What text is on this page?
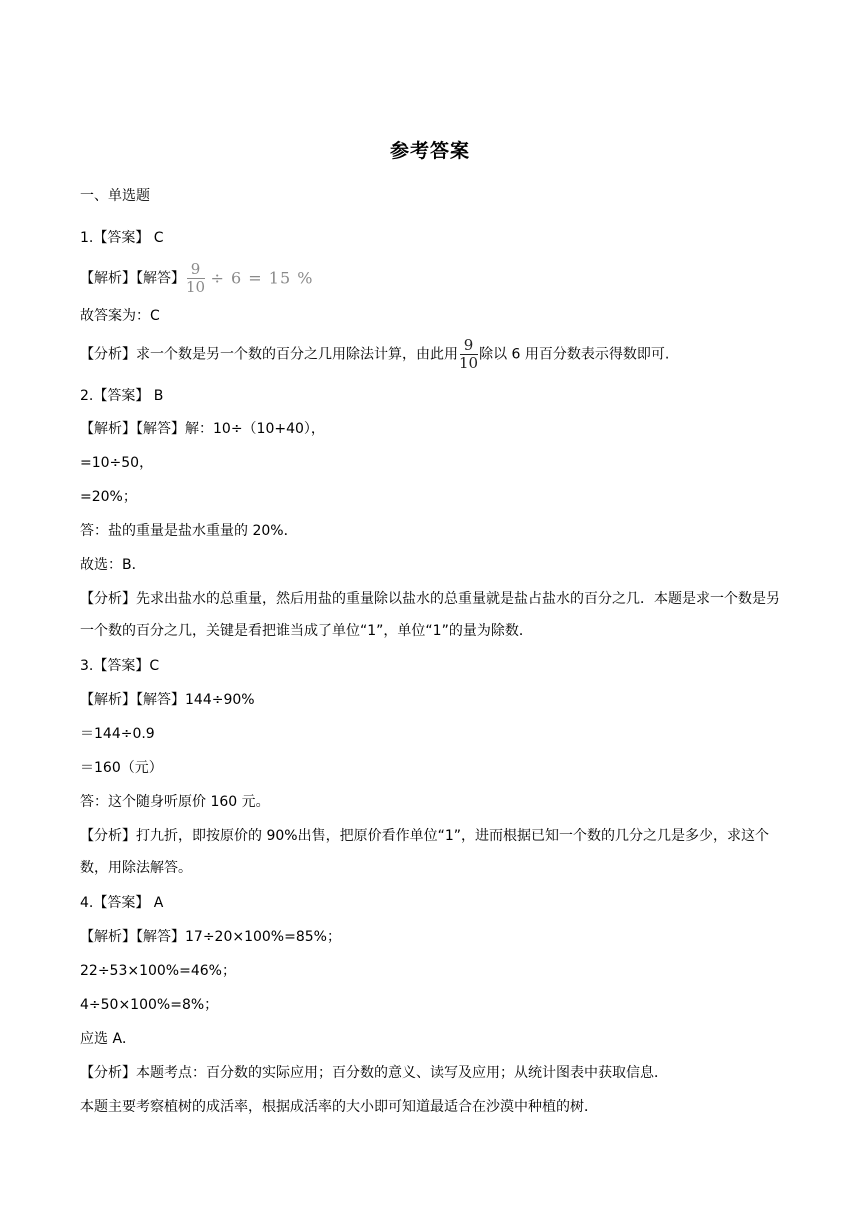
参考答案
一、单选题
1.【答案】 C
【解析】【解答】 $\frac{9}{10} \div 6 = 15$ %
故答案为：C
【分析】求一个数是另一个数的百分之几用除法计算，由此用 $\frac{9}{10}$ 除以 6 用百分数表示得数即可.
2.【答案】 B
【解析】【解答】解：10÷（10+40），
=10÷50，
=20%；
答：盐的重量是盐水重量的 20%．
故选：B．
【分析】先求出盐水的总重量，然后用盐的重量除以盐水的总重量就是盐占盐水的百分之几．本题是求一个数是另一个数的百分之几，关键是看把谁当成了单位“1”，单位“1”的量为除数．
3.【答案】C
【解析】【解答】144÷90%
＝144÷0.9
＝160（元）
答：这个随身听原价 160 元。
【分析】打九折，即按原价的 90%出售，把原价看作单位“1”，进而根据已知一个数的几分之几是多少，求这个数，用除法解答。
4.【答案】 A
【解析】【解答】17÷20×100%=85%；
22÷53×100%=46%；
4÷50×100%=8%；
应选 A．
【分析】本题考点：百分数的实际应用；百分数的意义、读写及应用；从统计图表中获取信息．
本题主要考察植树的成活率，根据成活率的大小即可知道最适合在沙漠中种植的树．
